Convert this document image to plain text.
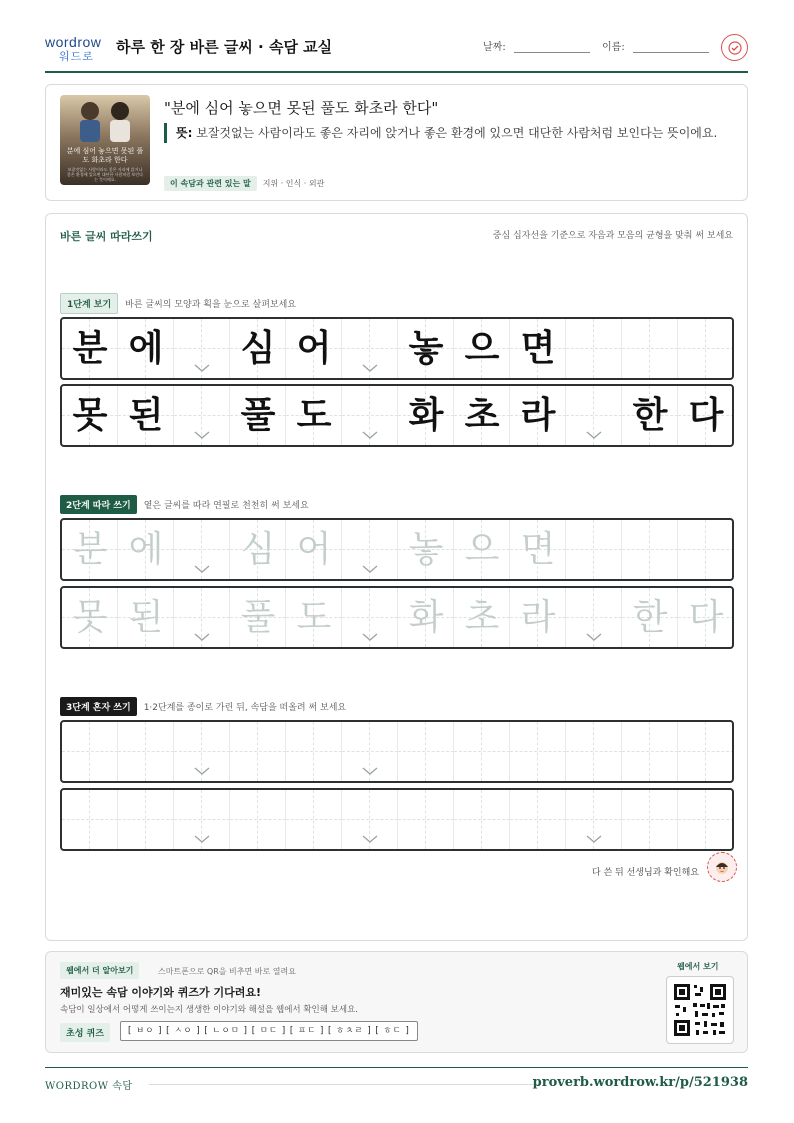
wordrow
워드로
하루 한 장 바른 글씨 · 속담 교실	날짜:	이름:
분에 심어 놓으면 못된 풀도 화초라 한다
보잘것없는 사람이라도 좋은 자리에 앉거나 좋은 환경에 있으면 대단한 사람처럼 보인다는 뜻이에요.
"분에 심어 놓으면 못된 풀도 화초라 한다"
뜻: 보잘것없는 사람이라도 좋은 자리에 앉거나 좋은 환경에 있으면 대단한 사람처럼 보인다는 뜻이에요.
이 속담과 관련 있는 말	지위 · 인식 · 외관
바른 글씨 따라쓰기	중심 십자선을 기준으로 자음과 모음의 균형을 맞춰 써 보세요
1단계 보기	바른 글씨의 모양과 획을 눈으로 살펴보세요
분 에 심 어 놓 으 면
못 된 풀 도 화 초 라 한 다
2단계 따라 쓰기	옅은 글씨를 따라 연필로 천천히 써 보세요
분 에 심 어 놓 으 면
못 된 풀 도 화 초 라 한 다
3단계 혼자 쓰기	1·2단계를 종이로 가린 뒤, 속담을 떠올려 써 보세요
다 쓴 뒤 선생님과 확인해요
웹에서 더 알아보기	스마트폰으로 QR을 비추면 바로 열려요
재미있는 속담 이야기와 퀴즈가 기다려요!
속담이 일상에서 어떻게 쓰이는지 생생한 이야기와 해설을 웹에서 확인해 보세요.
초성 퀴즈	[ ㅂㅇ ] [ ㅅㅇ ] [ ㄴㅇㅁ ] [ ㅁㄷ ] [ ㅍㄷ ] [ ㅎㅊㄹ ] [ ㅎㄷ ]
웹에서 보기
WORDROW 속담	proverb.wordrow.kr/p/521938
